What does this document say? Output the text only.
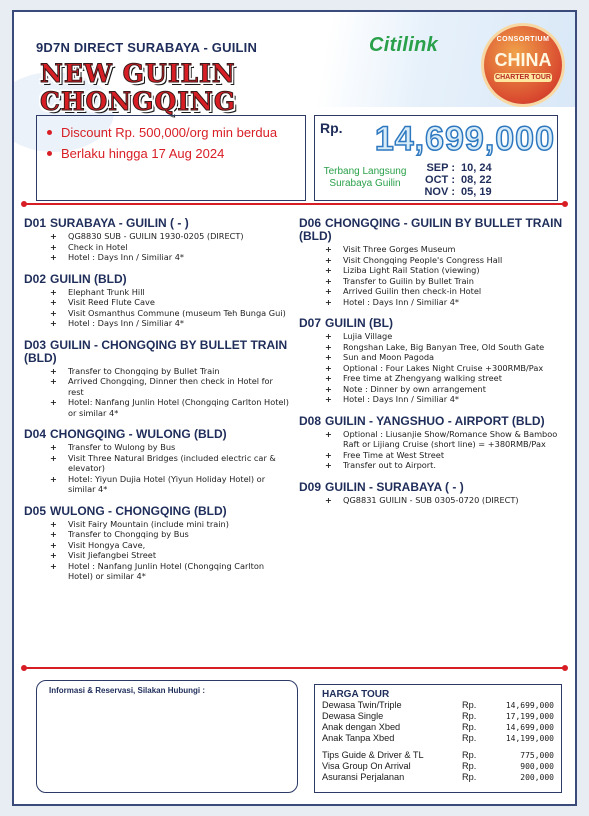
9D7N DIRECT SURABAYA - GUILIN	Citilink	CONSORTIUM
CHINA
CHARTER TOUR
NEW GUILIN
CHONGQING
Discount Rp. 500,000/org min berdua
Berlaku hingga 17 Aug 2024
Rp. 14,699,000
Terbang Langsung
Surabaya Guilin
SEP : 10, 24
OCT : 08, 22
NOV : 05, 19
D01 SURABAYA - GUILIN ( - )
+ QG8830 SUB - GUILIN 1930-0205 (DIRECT)
+ Check in Hotel
+ Hotel : Days Inn / Similiar 4*
D02 GUILIN (BLD)
+ Elephant Trunk Hill
+ Visit Reed Flute Cave
+ Visit Osmanthus Commune (museum Teh Bunga Gui)
+ Hotel : Days Inn / Similiar 4*
D03 GUILIN - CHONGQING BY BULLET TRAIN (BLD)
+ Transfer to Chongqing by Bullet Train
+ Arrived Chongqing, Dinner then check in Hotel for rest
+ Hotel: Nanfang Junlin Hotel (Chongqing Carlton Hotel) or similar 4*
D04 CHONGQING - WULONG (BLD)
+ Transfer to Wulong by Bus
+ Visit Three Natural Bridges (included electric car & elevator)
+ Hotel: Yiyun Dujia Hotel (Yiyun Holiday Hotel) or similar 4*
D05 WULONG - CHONGQING (BLD)
+ Visit Fairy Mountain (include mini train)
+ Transfer to Chongqing by Bus
+ Visit Hongya Cave,
+ Visit Jiefangbei Street
+ Hotel : Nanfang Junlin Hotel (Chongqing Carlton Hotel) or similar 4*
D06 CHONGQING - GUILIN BY BULLET TRAIN (BLD)
+ Visit Three Gorges Museum
+ Visit Chongqing People's Congress Hall
+ Liziba Light Rail Station (viewing)
+ Transfer to Guilin by Bullet Train
+ Arrived Guilin then check-in Hotel
+ Hotel : Days Inn / Similiar 4*
D07 GUILIN (BL)
+ Lujia Village
+ Rongshan Lake, Big Banyan Tree, Old South Gate
+ Sun and Moon Pagoda
+ Optional : Four Lakes Night Cruise +300RMB/Pax
+ Free time at Zhengyang walking street
+ Note : Dinner by own arrangement
+ Hotel : Days Inn / Similiar 4*
D08 GUILIN - YANGSHUO - AIRPORT (BLD)
+ Optional : Liusanjie Show/Romance Show & Bamboo Raft or Lijiang Cruise (short line) = +380RMB/Pax
+ Free Time at West Street
+ Transfer out to Airport.
D09 GUILIN - SURABAYA ( - )
+ QG8831 GUILIN - SUB 0305-0720 (DIRECT)
Informasi & Reservasi, Silakan Hubungi :	HARGA TOUR
Dewasa Twin/Triple	Rp.	14,699,000
Dewasa Single	Rp.	17,199,000
Anak dengan Xbed	Rp.	14,699,000
Anak Tanpa Xbed	Rp.	14,199,000
Tips Guide & Driver & TL	Rp.	775,000
Visa Group On Arrival	Rp.	900,000
Asuransi Perjalanan	Rp.	200,000
